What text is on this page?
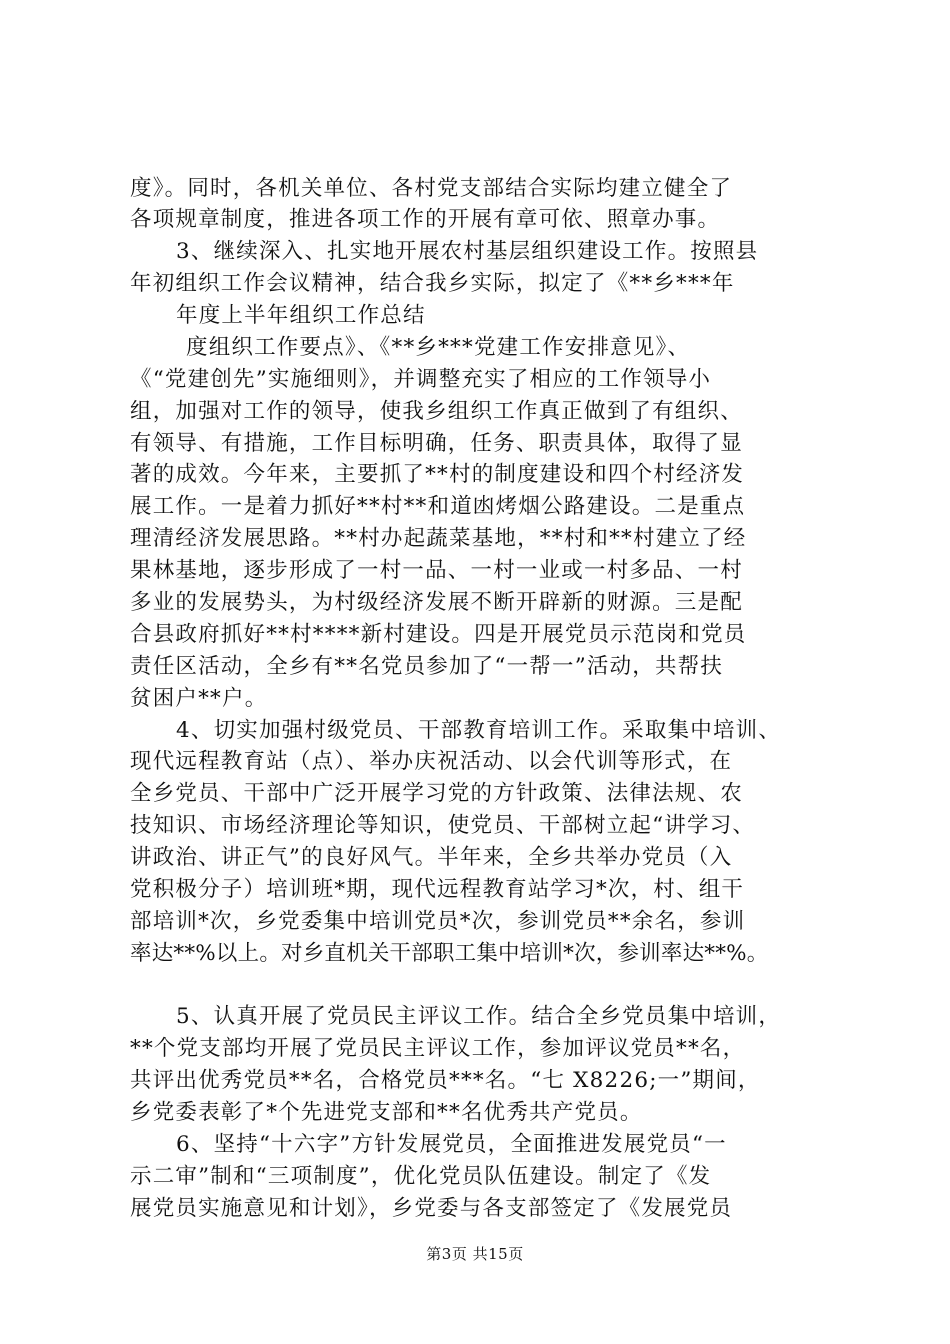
度》。同时，各机关单位、各村党支部结合实际均建立健全了
各项规章制度，推进各项工作的开展有章可依、照章办事。
3、继续深入、扎实地开展农村基层组织建设工作。按照县
年初组织工作会议精神，结合我乡实际，拟定了《**乡***年
年度上半年组织工作总结
度组织工作要点》、《**乡***党建工作安排意见》、
《“党建创先”实施细则》，并调整充实了相应的工作领导小
组，加强对工作的领导，使我乡组织工作真正做到了有组织、
有领导、有措施，工作目标明确，任务、职责具体，取得了显
著的成效。今年来，主要抓了**村的制度建设和四个村经济发
展工作。一是着力抓好**村**和道凼烤烟公路建设。二是重点
理清经济发展思路。**村办起蔬菜基地，**村和**村建立了经
果林基地，逐步形成了一村一品、一村一业或一村多品、一村
多业的发展势头，为村级经济发展不断开辟新的财源。三是配
合县政府抓好**村****新村建设。四是开展党员示范岗和党员
责任区活动，全乡有**名党员参加了“一帮一”活动，共帮扶
贫困户**户。
4、切实加强村级党员、干部教育培训工作。采取集中培训、
现代远程教育站（点）、举办庆祝活动、以会代训等形式，在
全乡党员、干部中广泛开展学习党的方针政策、法律法规、农
技知识、市场经济理论等知识，使党员、干部树立起“讲学习、
讲政治、讲正气”的良好风气。半年来，全乡共举办党员（入
党积极分子）培训班*期，现代远程教育站学习*次，村、组干
部培训*次，乡党委集中培训党员*次，参训党员**余名，参训
率达**%以上。对乡直机关干部职工集中培训*次，参训率达**%。
5、认真开展了党员民主评议工作。结合全乡党员集中培训，
**个党支部均开展了党员民主评议工作，参加评议党员**名，
共评出优秀党员**名，合格党员***名。“七 X8226;一”期间，
乡党委表彰了*个先进党支部和**名优秀共产党员。
6、坚持“十六字”方针发展党员，全面推进发展党员“一
示二审”制和“三项制度”，优化党员队伍建设。制定了《发
展党员实施意见和计划》，乡党委与各支部签定了《发展党员
第3页 共15页
